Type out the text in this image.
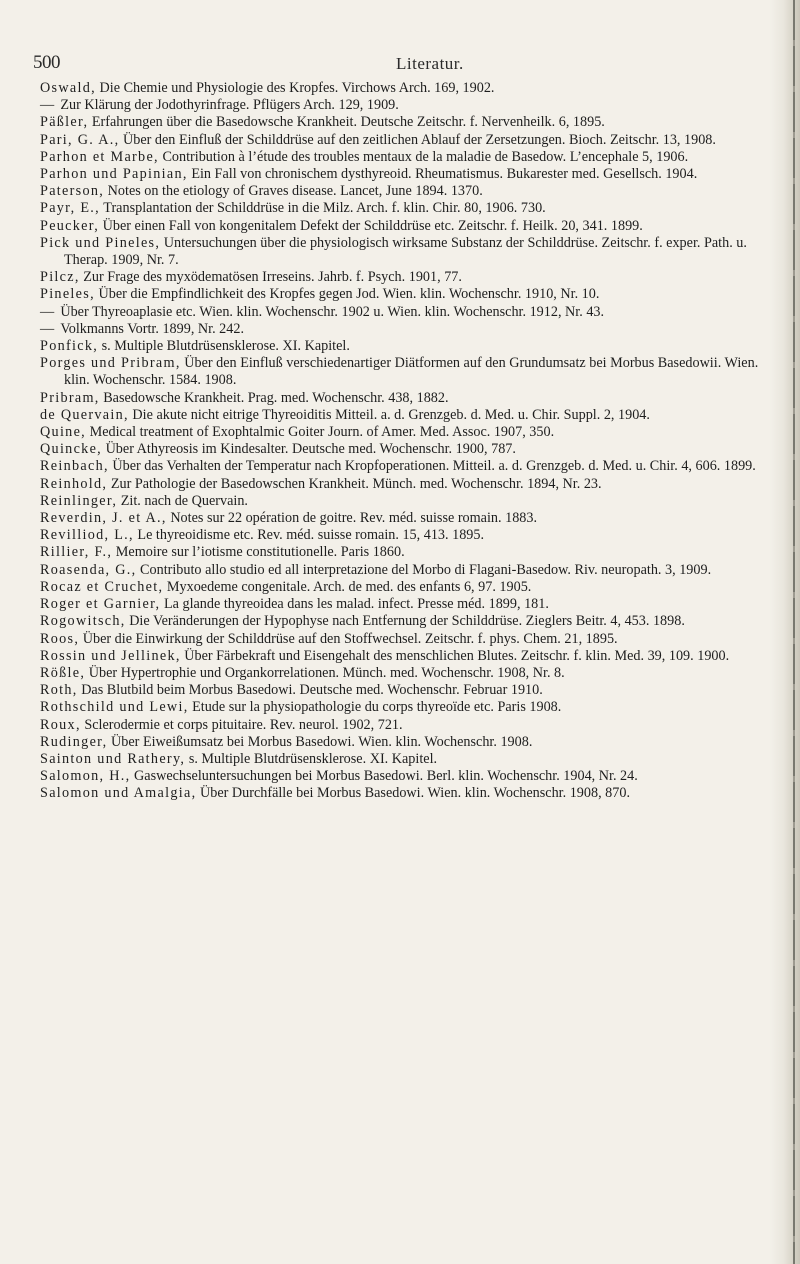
500	Literatur.

Oswald, Die Chemie und Physiologie des Kropfes. Virchows Arch. 169, 1902.

— Zur Klärung der Jodothyrinfrage. Pflügers Arch. 129, 1909.

Päßler, Erfahrungen über die Basedowsche Krankheit. Deutsche Zeitschr. f. Nervenheilk. 6, 1895.

Pari, G. A., Über den Einfluß der Schilddrüse auf den zeitlichen Ablauf der Zersetzungen. Bioch. Zeitschr. 13, 1908.

Parhon et Marbe, Contribution à l’étude des troubles mentaux de la maladie de Basedow. L’encephale 5, 1906.

Parhon und Papinian, Ein Fall von chronischem dysthyreoid. Rheumatismus. Bukarester med. Gesellsch. 1904.

Paterson, Notes on the etiology of Graves disease. Lancet, June 1894. 1370.

Payr, E., Transplantation der Schilddrüse in die Milz. Arch. f. klin. Chir. 80, 1906. 730.

Peucker, Über einen Fall von kongenitalem Defekt der Schilddrüse etc. Zeitschr. f. Heilk. 20, 341. 1899.

Pick und Pineles, Untersuchungen über die physiologisch wirksame Substanz der Schilddrüse. Zeitschr. f. exper. Path. u. Therap. 1909, Nr. 7.

Pilcz, Zur Frage des myxödematösen Irreseins. Jahrb. f. Psych. 1901, 77.

Pineles, Über die Empfindlichkeit des Kropfes gegen Jod. Wien. klin. Wochenschr. 1910, Nr. 10.

— Über Thyreoaplasie etc. Wien. klin. Wochenschr. 1902 u. Wien. klin. Wochenschr. 1912, Nr. 43.

— Volkmanns Vortr. 1899, Nr. 242.

Ponfick, s. Multiple Blutdrüsensklerose. XI. Kapitel.

Porges und Pribram, Über den Einfluß verschiedenartiger Diätformen auf den Grundumsatz bei Morbus Basedowii. Wien. klin. Wochenschr. 1584. 1908.

Pribram, Basedowsche Krankheit. Prag. med. Wochenschr. 438, 1882.

de Quervain, Die akute nicht eitrige Thyreoiditis Mitteil. a. d. Grenzgeb. d. Med. u. Chir. Suppl. 2, 1904.

Quine, Medical treatment of Exophtalmic Goiter Journ. of Amer. Med. Assoc. 1907, 350.

Quincke, Über Athyreosis im Kindesalter. Deutsche med. Wochenschr. 1900, 787.

Reinbach, Über das Verhalten der Temperatur nach Kropfoperationen. Mitteil. a. d. Grenzgeb. d. Med. u. Chir. 4, 606. 1899.

Reinhold, Zur Pathologie der Basedowschen Krankheit. Münch. med. Wochenschr. 1894, Nr. 23.

Reinlinger, Zit. nach de Quervain.

Reverdin, J. et A., Notes sur 22 opération de goitre. Rev. méd. suisse romain. 1883.

Revilliod, L., Le thyreoidisme etc. Rev. méd. suisse romain. 15, 413. 1895.

Rillier, F., Memoire sur l’iotisme constitutionelle. Paris 1860.

Roasenda, G., Contributo allo studio ed all interpretazione del Morbo di Flagani-Basedow. Riv. neuropath. 3, 1909.

Rocaz et Cruchet, Myxoedeme congenitale. Arch. de med. des enfants 6, 97. 1905.

Roger et Garnier, La glande thyreoidea dans les malad. infect. Presse méd. 1899, 181.

Rogowitsch, Die Veränderungen der Hypophyse nach Entfernung der Schilddrüse. Zieglers Beitr. 4, 453. 1898.

Roos, Über die Einwirkung der Schilddrüse auf den Stoffwechsel. Zeitschr. f. phys. Chem. 21, 1895.

Rossin und Jellinek, Über Färbekraft und Eisengehalt des menschlichen Blutes. Zeitschr. f. klin. Med. 39, 109. 1900.

Rößle, Über Hypertrophie und Organkorrelationen. Münch. med. Wochenschr. 1908, Nr. 8.

Roth, Das Blutbild beim Morbus Basedowi. Deutsche med. Wochenschr. Februar 1910.

Rothschild und Lewi, Etude sur la physiopathologie du corps thyreoïde etc. Paris 1908.

Roux, Sclerodermie et corps pituitaire. Rev. neurol. 1902, 721.

Rudinger, Über Eiweißumsatz bei Morbus Basedowi. Wien. klin. Wochenschr. 1908.

Sainton und Rathery, s. Multiple Blutdrüsensklerose. XI. Kapitel.

Salomon, H., Gaswechseluntersuchungen bei Morbus Basedowi. Berl. klin. Wochenschr. 1904, Nr. 24.

Salomon und Amalgia, Über Durchfälle bei Morbus Basedowi. Wien. klin. Wochenschr. 1908, 870.
